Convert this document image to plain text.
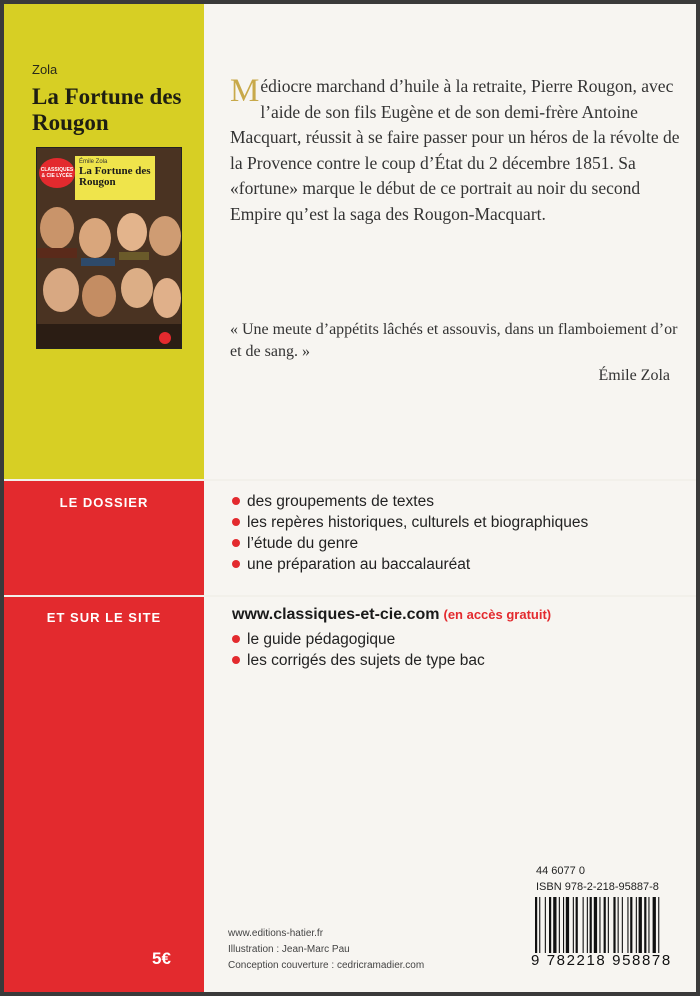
Zola
La Fortune des Rougon
Émile Zola
La Fortune des Rougon
CLASSIQUES & CIE LYCÉE
Médiocre marchand d’huile à la retraite, Pierre Rougon, avec l’aide de son fils Eugène et de son demi-frère Antoine Macquart, réussit à se faire passer pour un héros de la révolte de la Provence contre le coup d’État du 2 décembre 1851. Sa «fortune» marque le début de ce portrait au noir du second Empire qu’est la saga des Rougon-Macquart.
« Une meute d’appétits lâchés et assouvis, dans un flamboiement d’or et de sang. »
Émile Zola
LE DOSSIER	des groupements de textes
les repères historiques, culturels et biographiques
l’étude du genre
une préparation au baccalauréat
ET SUR LE SITE	www.classiques-et-cie.com (en accès gratuit)
le guide pédagogique
les corrigés des sujets de type bac
5€
www.editions-hatier.fr
Illustration : Jean-Marc Pau
Conception couverture : cedricramadier.com
44 6077 0
ISBN 978-2-218-95887-8
9 782218 958878
